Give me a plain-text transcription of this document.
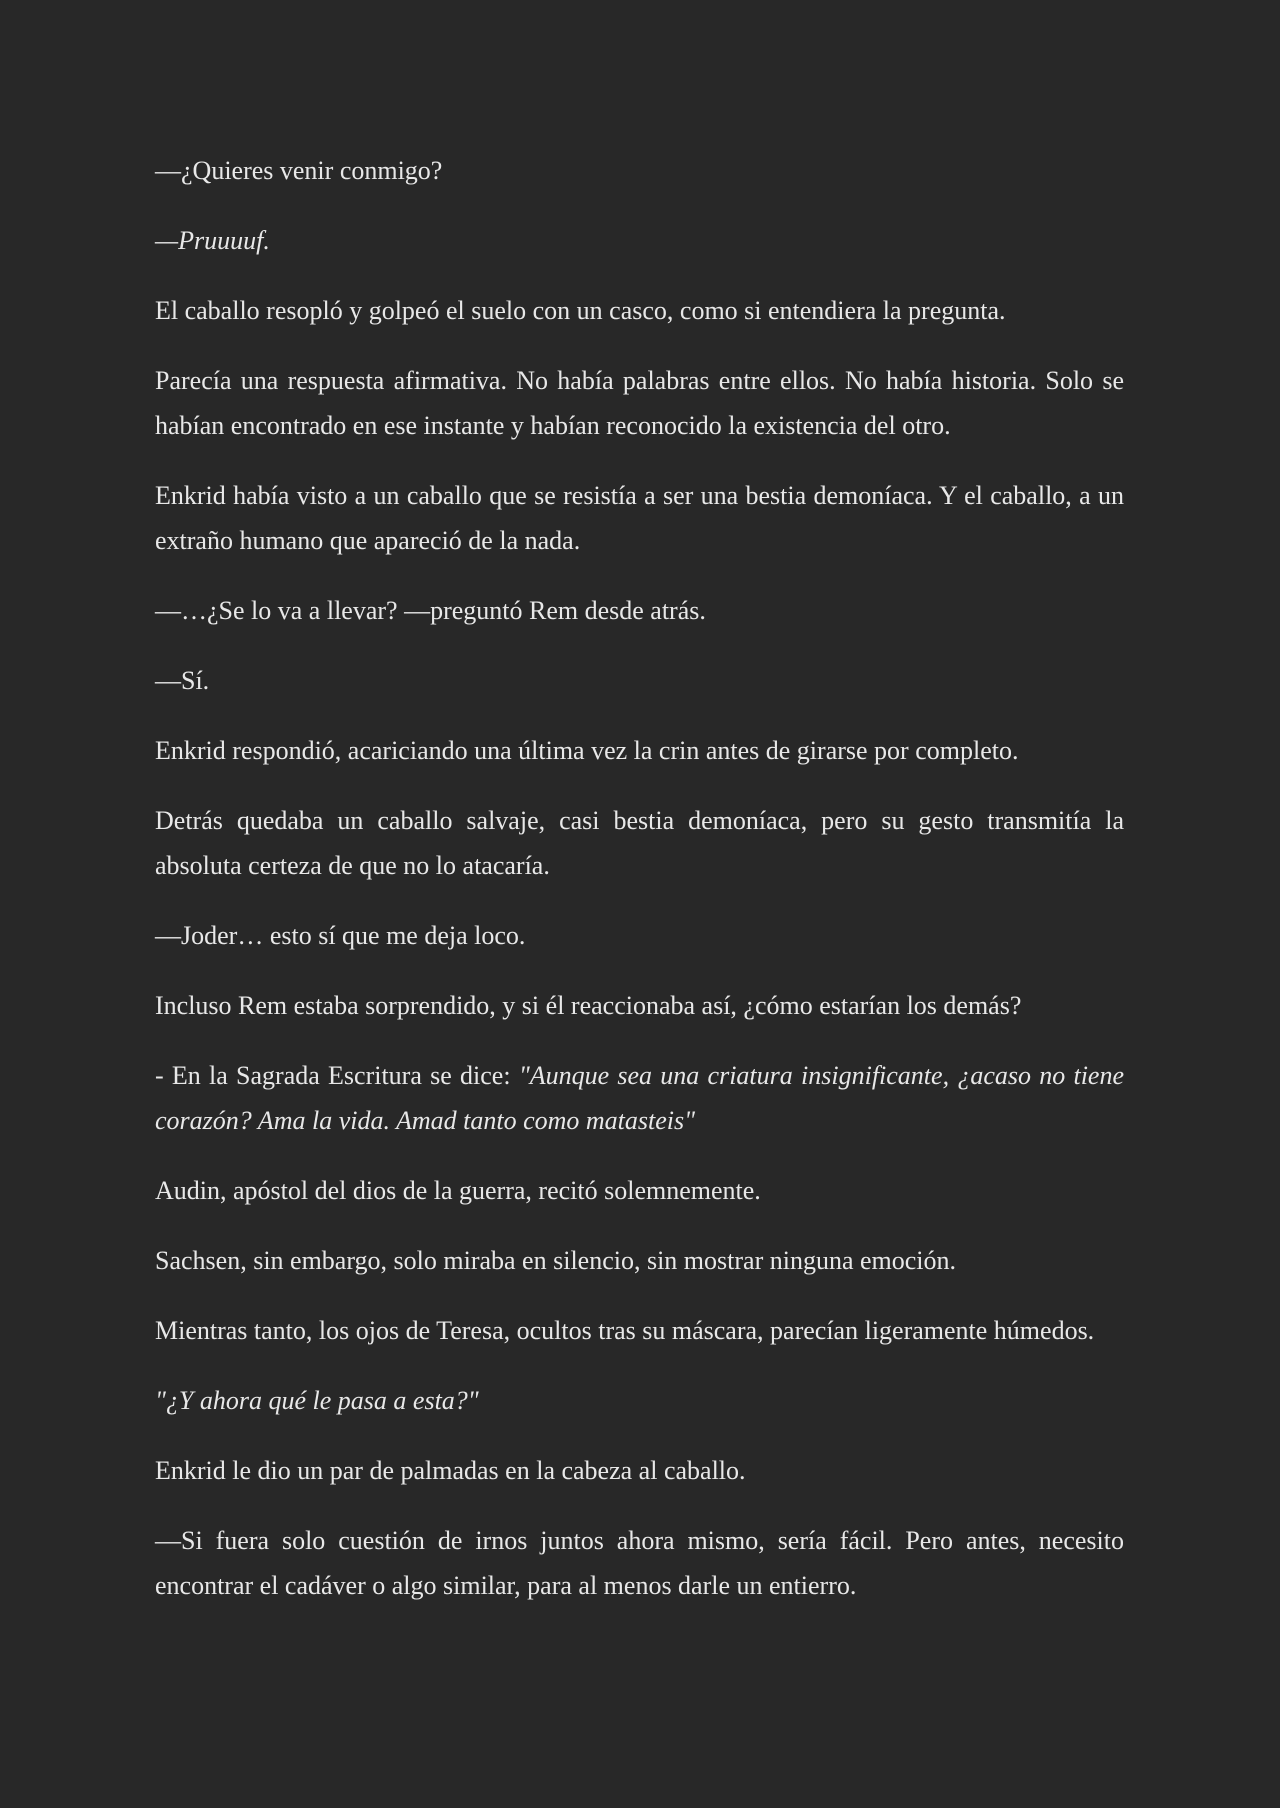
—¿Quieres venir conmigo?

—Pruuuuf.

El caballo resopló y golpeó el suelo con un casco, como si entendiera la pregunta.

Parecía una respuesta afirmativa. No había palabras entre ellos. No había historia. Solo se habían encontrado en ese instante y habían reconocido la existencia del otro.

Enkrid había visto a un caballo que se resistía a ser una bestia demoníaca. Y el caballo, a un extraño humano que apareció de la nada.

—…¿Se lo va a llevar? —preguntó Rem desde atrás.

—Sí.

Enkrid respondió, acariciando una última vez la crin antes de girarse por completo.

Detrás quedaba un caballo salvaje, casi bestia demoníaca, pero su gesto transmitía la absoluta certeza de que no lo atacaría.

—Joder… esto sí que me deja loco.

Incluso Rem estaba sorprendido, y si él reaccionaba así, ¿cómo estarían los demás?

- En la Sagrada Escritura se dice: "Aunque sea una criatura insignificante, ¿acaso no tiene corazón? Ama la vida. Amad tanto como matasteis"

Audin, apóstol del dios de la guerra, recitó solemnemente.

Sachsen, sin embargo, solo miraba en silencio, sin mostrar ninguna emoción.

Mientras tanto, los ojos de Teresa, ocultos tras su máscara, parecían ligeramente húmedos.

"¿Y ahora qué le pasa a esta?"

Enkrid le dio un par de palmadas en la cabeza al caballo.

—Si fuera solo cuestión de irnos juntos ahora mismo, sería fácil. Pero antes, necesito encontrar el cadáver o algo similar, para al menos darle un entierro.
